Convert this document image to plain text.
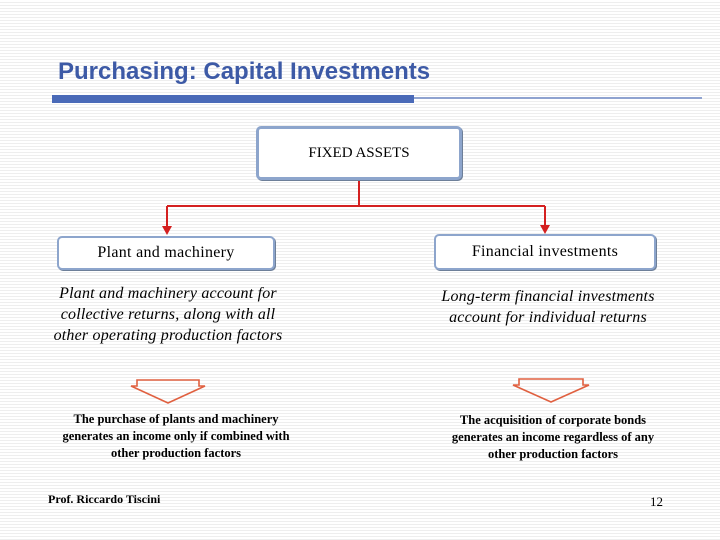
Purchasing: Capital Investments
FIXED ASSETS
Plant and machinery	Financial investments
Plant and machinery account for collective returns, along with all other operating production factors
Long-term financial investments account for individual returns
The purchase of plants and machinery generates an income only if combined with other production factors
The acquisition of corporate bonds generates an income regardless of any other production factors
Prof. Riccardo Tiscini	12
